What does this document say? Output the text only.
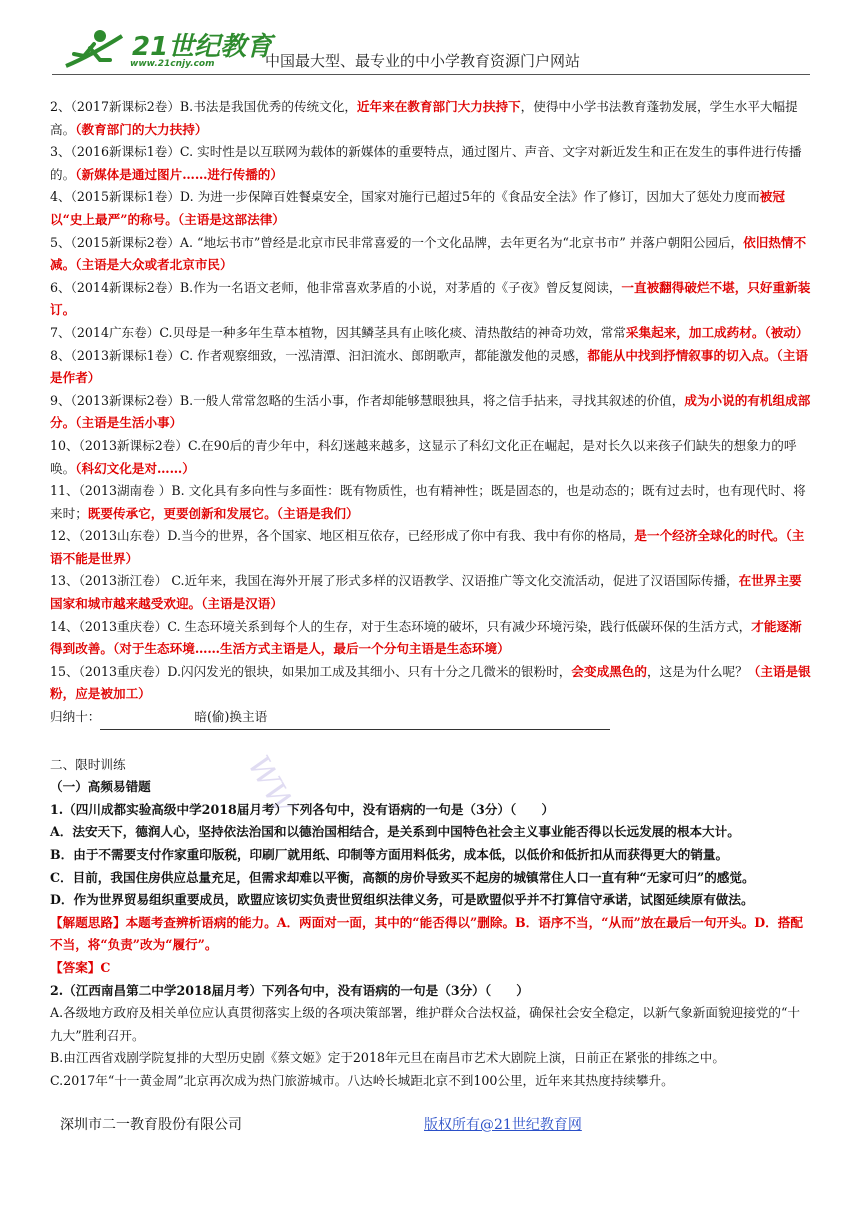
21世纪教育
www.21cnjy.com	中国最大型、最专业的中小学教育资源门户网站
WW

2、（2017新课标2卷）B.书法是我国优秀的传统文化，近年来在教育部门大力扶持下，使得中小学书法教育蓬勃发展，学生水平大幅提高。（教育部门的大力扶持）

3、（2016新课标1卷）C. 实时性是以互联网为载体的新媒体的重要特点，通过图片、声音、文字对新近发生和正在发生的事件进行传播的。（新媒体是通过图片……进行传播的）

4、（2015新课标1卷）D. 为进一步保障百姓餐桌安全，国家对施行已超过5年的《食品安全法》作了修订，因加大了惩处力度而被冠以“史上最严”的称号。（主语是这部法律）

5、（2015新课标2卷）A. “地坛书市”曾经是北京市民非常喜爱的一个文化品牌，去年更名为“北京书市” 并落户朝阳公园后，依旧热情不减。（主语是大众或者北京市民）

6、（2014新课标2卷）B.作为一名语文老师，他非常喜欢茅盾的小说，对茅盾的《子夜》曾反复阅读，一直被翻得破烂不堪，只好重新装订。

7、（2014广东卷）C.贝母是一种多年生草本植物，因其鳞茎具有止咳化痰、清热散结的神奇功效，常常采集起来，加工成药材。（被动）

8、（2013新课标1卷）C. 作者观察细致，一泓清潭、汩汩流水、郎朗歌声，都能激发他的灵感，都能从中找到抒情叙事的切入点。（主语是作者）

9、（2013新课标2卷）B.一般人常常忽略的生活小事，作者却能够慧眼独具，将之信手拈来，寻找其叙述的价值，成为小说的有机组成部分。（主语是生活小事）

10、（2013新课标2卷）C.在90后的青少年中，科幻迷越来越多，这显示了科幻文化正在崛起，是对长久以来孩子们缺失的想象力的呼唤。（科幻文化是对……）

11、（2013湖南卷 ）B. 文化具有多向性与多面性：既有物质性，也有精神性；既是固态的，也是动态的；既有过去时，也有现代时、将来时；既要传承它，更要创新和发展它。（主语是我们）

12、（2013山东卷）D.当今的世界，各个国家、地区相互依存，已经形成了你中有我、我中有你的格局，是一个经济全球化的时代。（主语不能是世界）

13、（2013浙江卷） C.近年来，我国在海外开展了形式多样的汉语教学、汉语推广等文化交流活动，促进了汉语国际传播，在世界主要国家和城市越来越受欢迎。（主语是汉语）

14、（2013重庆卷）C. 生态环境关系到每个人的生存，对于生态环境的破坏，只有减少环境污染，践行低碳环保的生活方式，才能逐渐得到改善。（对于生态环境……生活方式主语是人，最后一个分句主语是生态环境）

15、（2013重庆卷）D.闪闪发光的银块，如果加工成及其细小、只有十分之几微米的银粉时，会变成黑色的，这是为什么呢？（主语是银粉，应是被加工）

归纳十：	暗(偷)换主语

二、限时训练

（一）高频易错题

1.（四川成都实验高级中学2018届月考）下列各句中，没有语病的一句是（3分）（　　）

A．法安天下，德润人心，坚持依法治国和以德治国相结合，是关系到中国特色社会主义事业能否得以长远发展的根本大计。

B．由于不需要支付作家重印版税，印刷厂就用纸、印制等方面用料低劣，成本低，以低价和低折扣从而获得更大的销量。

C．目前，我国住房供应总量充足，但需求却难以平衡，高额的房价导致买不起房的城镇常住人口一直有种“无家可归”的感觉。

D．作为世界贸易组织重要成员，欧盟应该切实负责世贸组织法律义务，可是欧盟似乎并不打算信守承诺，试图延续原有做法。

【解题思路】本题考查辨析语病的能力。A．两面对一面，其中的“能否得以”删除。B．语序不当，“从而”放在最后一句开头。D．搭配不当，将“负责”改为“履行”。

【答案】C

2.（江西南昌第二中学2018届月考）下列各句中，没有语病的一句是（3分）（　　）

A.各级地方政府及相关单位应认真贯彻落实上级的各项决策部署，维护群众合法权益，确保社会安全稳定，以新气象新面貌迎接党的“十九大”胜利召开。

B.由江西省戏剧学院复排的大型历史剧《蔡文姬》定于2018年元旦在南昌市艺术大剧院上演，日前正在紧张的排练之中。

C.2017年“十一黄金周”北京再次成为热门旅游城市。八达岭长城距北京不到100公里，近年来其热度持续攀升。

深圳市二一教育股份有限公司	版权所有@21世纪教育网
